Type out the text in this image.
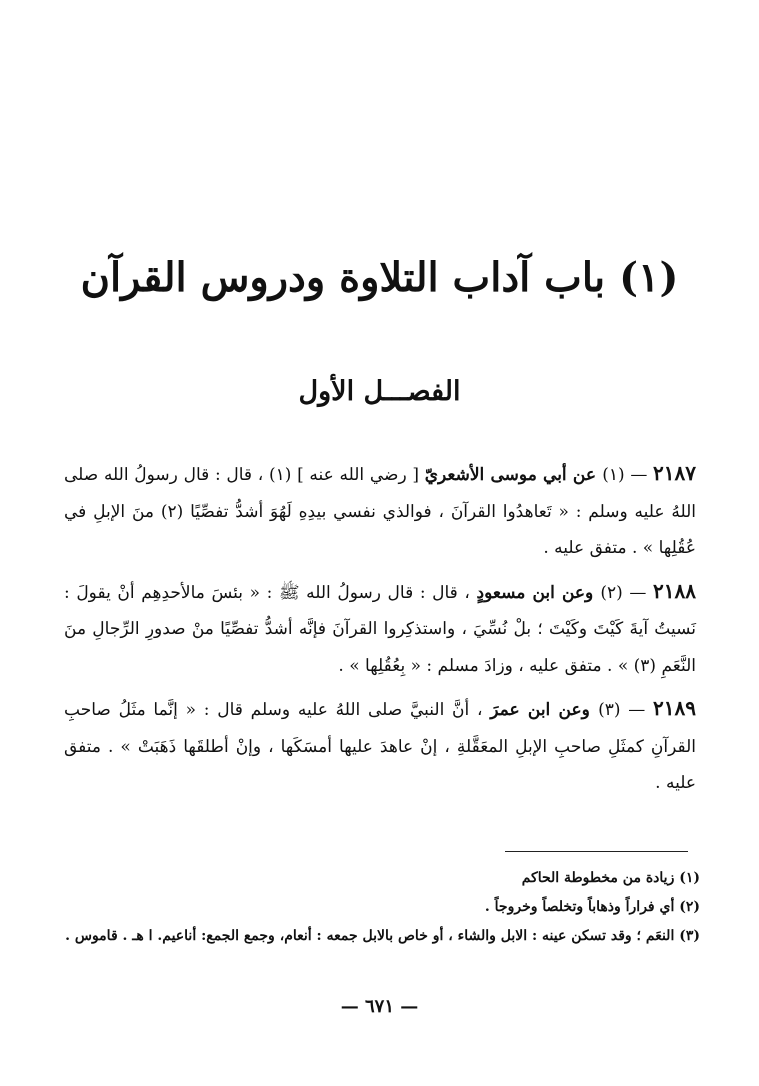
(١) باب آداب التلاوة ودروس القرآن
الفصـــل الأول

٢١٨٧ — (١) عن أبي موسى الأشعريّ [ رضي الله عنه ] (١) ، قال : قال رسولُ الله صلى اللهُ عليه وسلم : « تَعاهدُوا القرآنَ ، فوالذي نفسي بيدِهِ لَهُوَ أشدُّ تفصِّيًا (٢) منَ الإبلِ في عُقُلِها » . متفق عليه .

٢١٨٨ — (٢) وعن ابن مسعودٍ ، قال : قال رسولُ الله ﷺ : « بئسَ مالأحدِهِم أنْ يقولَ : نَسيتُ آيةَ كَيْتَ وكَيْتَ ؛ بلْ نُسِّيَ ، واستذكِروا القرآنَ فإنَّه أشدُّ تفصِّيًا منْ صدورِ الرِّجالِ منَ النَّعَمِ (٣) » . متفق عليه ، وزادَ مسلم : « بِعُقُلِها » .

٢١٨٩ — (٣) وعن ابن عمرَ ، أنَّ النبيَّ صلى اللهُ عليه وسلم قال : « إنَّما مثَلُ صاحبِ القرآنِ كمثَلِ صاحبِ الإبلِ المعَقَّلةِ ، إنْ عاهدَ عليها أمسَكَها ، وإنْ أطلقَها ذَهَبَتْ » . متفق عليه .

(١) زيادة من مخطوطة الحاكم

(٢) أي فراراً وذهاباً وتخلصاً وخروجاً .

(٣) النعَم ؛ وقد تسكن عينه : الابل والشاء ، أو خاص بالابل جمعه : أنعام، وجمع الجمع: أناعيم. ا هـ . قاموس .

— ٦٧١ —
